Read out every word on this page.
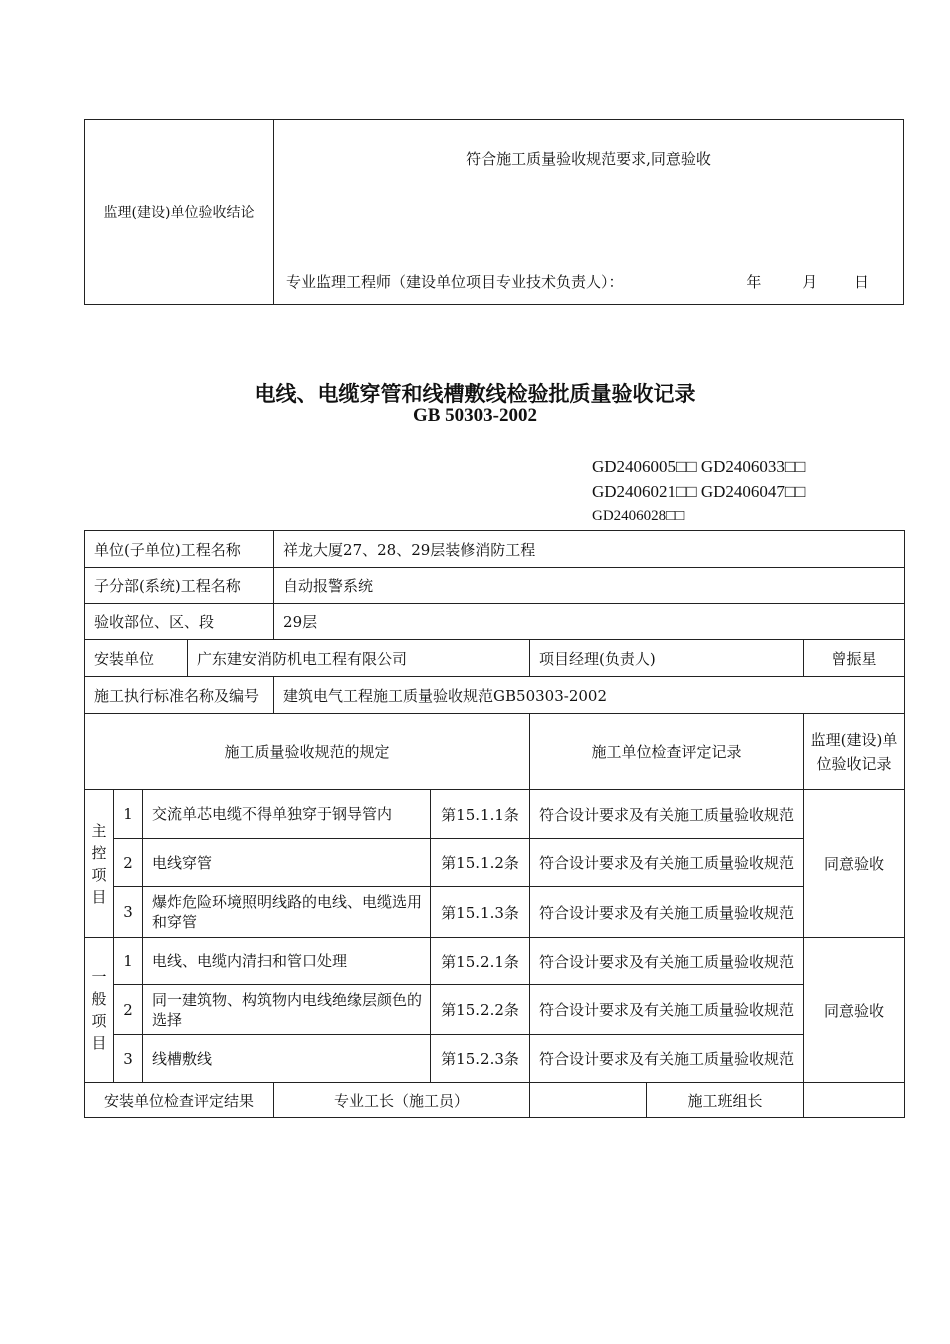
监理(建设)单位验收结论	
符合施工质量验收规范要求,同意验收
专业监理工程师（建设单位项目专业技术负责人）：	年	月 日
电线、电缆穿管和线槽敷线检验批质量验收记录
GB 50303-2002
GD2406005□□ GD2406033□□
GD2406021□□ GD2406047□□
GD2406028□□
单位(子单位)工程名称				祥龙大厦27、28、29层装修消防工程				
子分部(系统)工程名称				自动报警系统				
验收部位、区、段				29层				
安装单位			广东建安消防机电工程有限公司			项目经理(负责人)		曾振星
施工执行标准名称及编号				建筑电气工程施工质量验收规范GB50303-2002				
施工质量验收规范的规定						施工单位检查评定记录		监理(建设)单位验收记录

主控项目	1	交流单芯电缆不得单独穿于钢导管内			第15.1.1条	符合设计要求及有关施工质量验收规范		同意验收
	2	电线穿管			第15.1.2条	符合设计要求及有关施工质量验收规范		
	3	爆炸危险环境照明线路的电线、电缆选用和穿管			第15.1.3条	符合设计要求及有关施工质量验收规范		

一般项目	1	电线、电缆内清扫和管口处理			第15.2.1条	符合设计要求及有关施工质量验收规范		同意验收
	2	同一建筑物、构筑物内电线绝缘层颜色的选择			第15.2.2条	符合设计要求及有关施工质量验收规范		
	3	线槽敷线			第15.2.3条	符合设计要求及有关施工质量验收规范		
安装单位检查评定结果				专业工长（施工员）			施工班组长	
